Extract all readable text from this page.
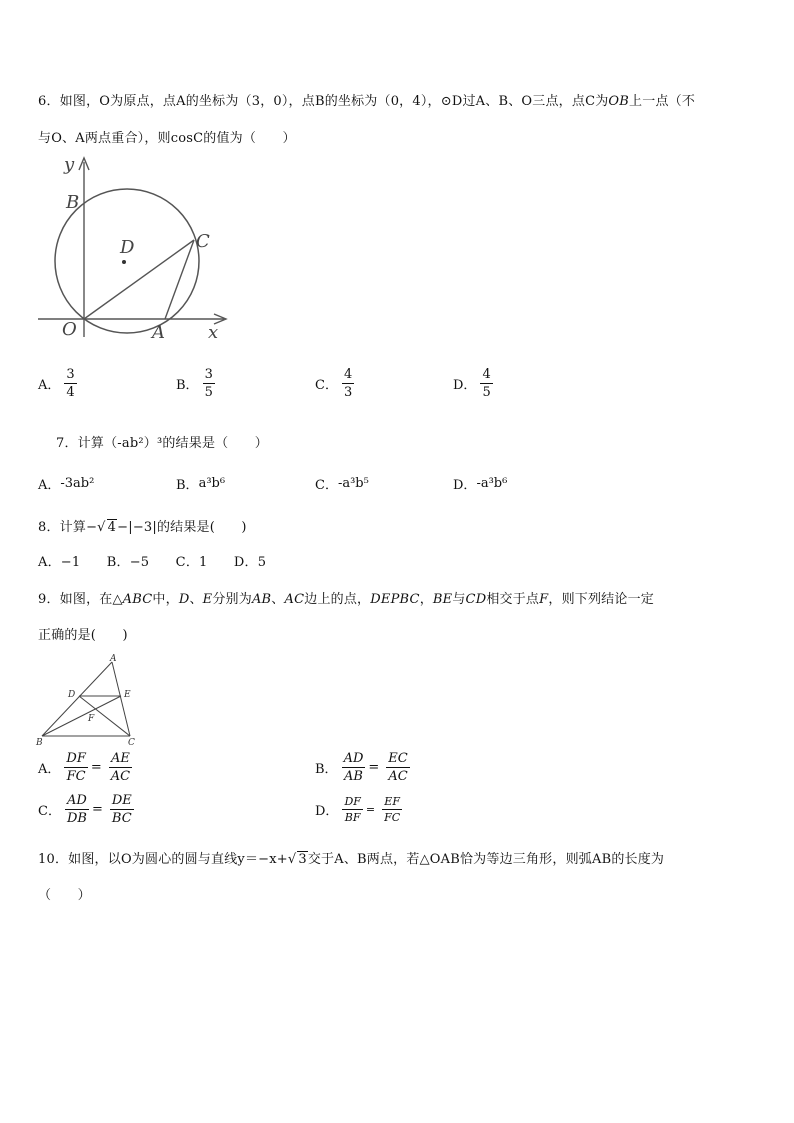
6．如图，O为原点，点A的坐标为（3，0），点B的坐标为（0，4），⊙D过A、B、O三点，点C为OB上一点（不
与O、A两点重合），则cosC的值为（　　）
y
B
D	C
O	A x
A． $\frac{3}{4}$	B． $\frac{3}{5}$	C． $\frac{4}{3}$	D． $\frac{4}{5}$
7．计算（-ab²）³的结果是（　　）
A． -3ab²	B． a³b⁶	C． -a³b⁵	D． -a³b⁶
8．计算−√ 4−|−3|的结果是(　　)
A．−1　　B．−5　　C．1　　D．5
9．如图，在△ABC中，D、E分别为AB、AC边上的点，DEPBC，BE与CD相交于点F，则下列结论一定
正确的是(　　)
A
D	E
F
B	C
A． $\frac{DF}{FC} = \frac{AE}{AC}$	B． $\frac{AD}{AB} = \frac{EC}{AC}$
C． $\frac{AD}{DB} = \frac{DE}{BC}$	D． $\frac{DF}{BF} = \frac{EF}{FC}$
10．如图，以O为圆心的圆与直线y＝−x+√ 3交于A、B两点，若△OAB恰为等边三角形，则弧AB的长度为
（　　）
